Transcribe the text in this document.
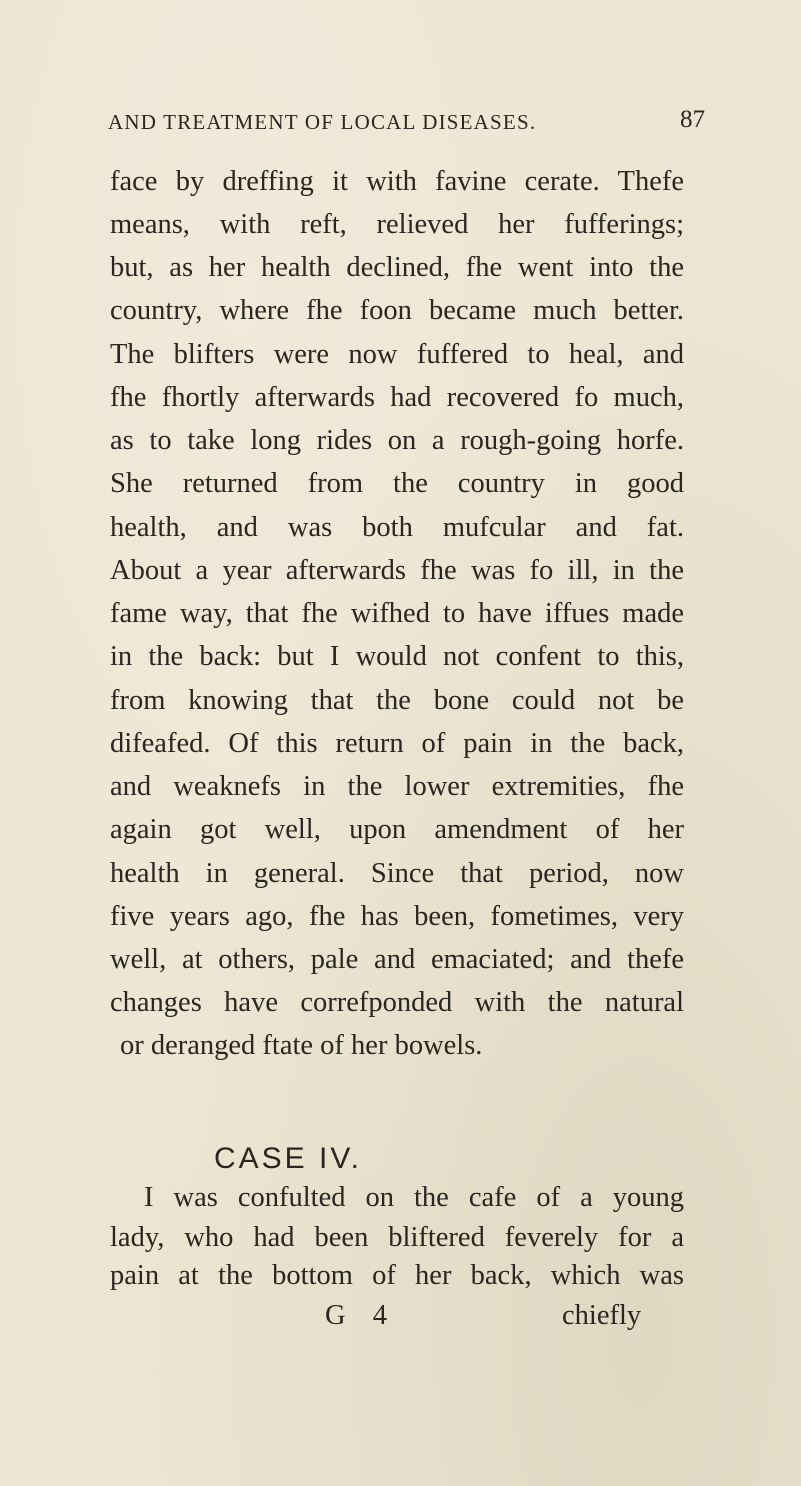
AND TREATMENT OF LOCAL DISEASES.	87
face by dreffing it with favine cerate. Thefe
means, with reft, relieved her fufferings;
but, as her health declined, fhe went into the
country, where fhe foon became much better.
The blifters were now fuffered to heal, and
fhe fhortly afterwards had recovered fo much,
as to take long rides on a rough-going horfe.
She returned from the country in good
health, and was both mufcular and fat.
About a year afterwards fhe was fo ill, in the
fame way, that fhe wifhed to have iffues made
in the back: but I would not confent to this,
from knowing that the bone could not be
difeafed. Of this return of pain in the back,
and weaknefs in the lower extremities, fhe
again got well, upon amendment of her
health in general. Since that period, now
five years ago, fhe has been, fometimes, very
well, at others, pale and emaciated; and thefe
changes have correfponded with the natural
or deranged ftate of her bowels.
CASE IV.
I was confulted on the cafe of a young
lady, who had been bliftered feverely for a
pain at the bottom of her back, which was
G 4	chiefly
